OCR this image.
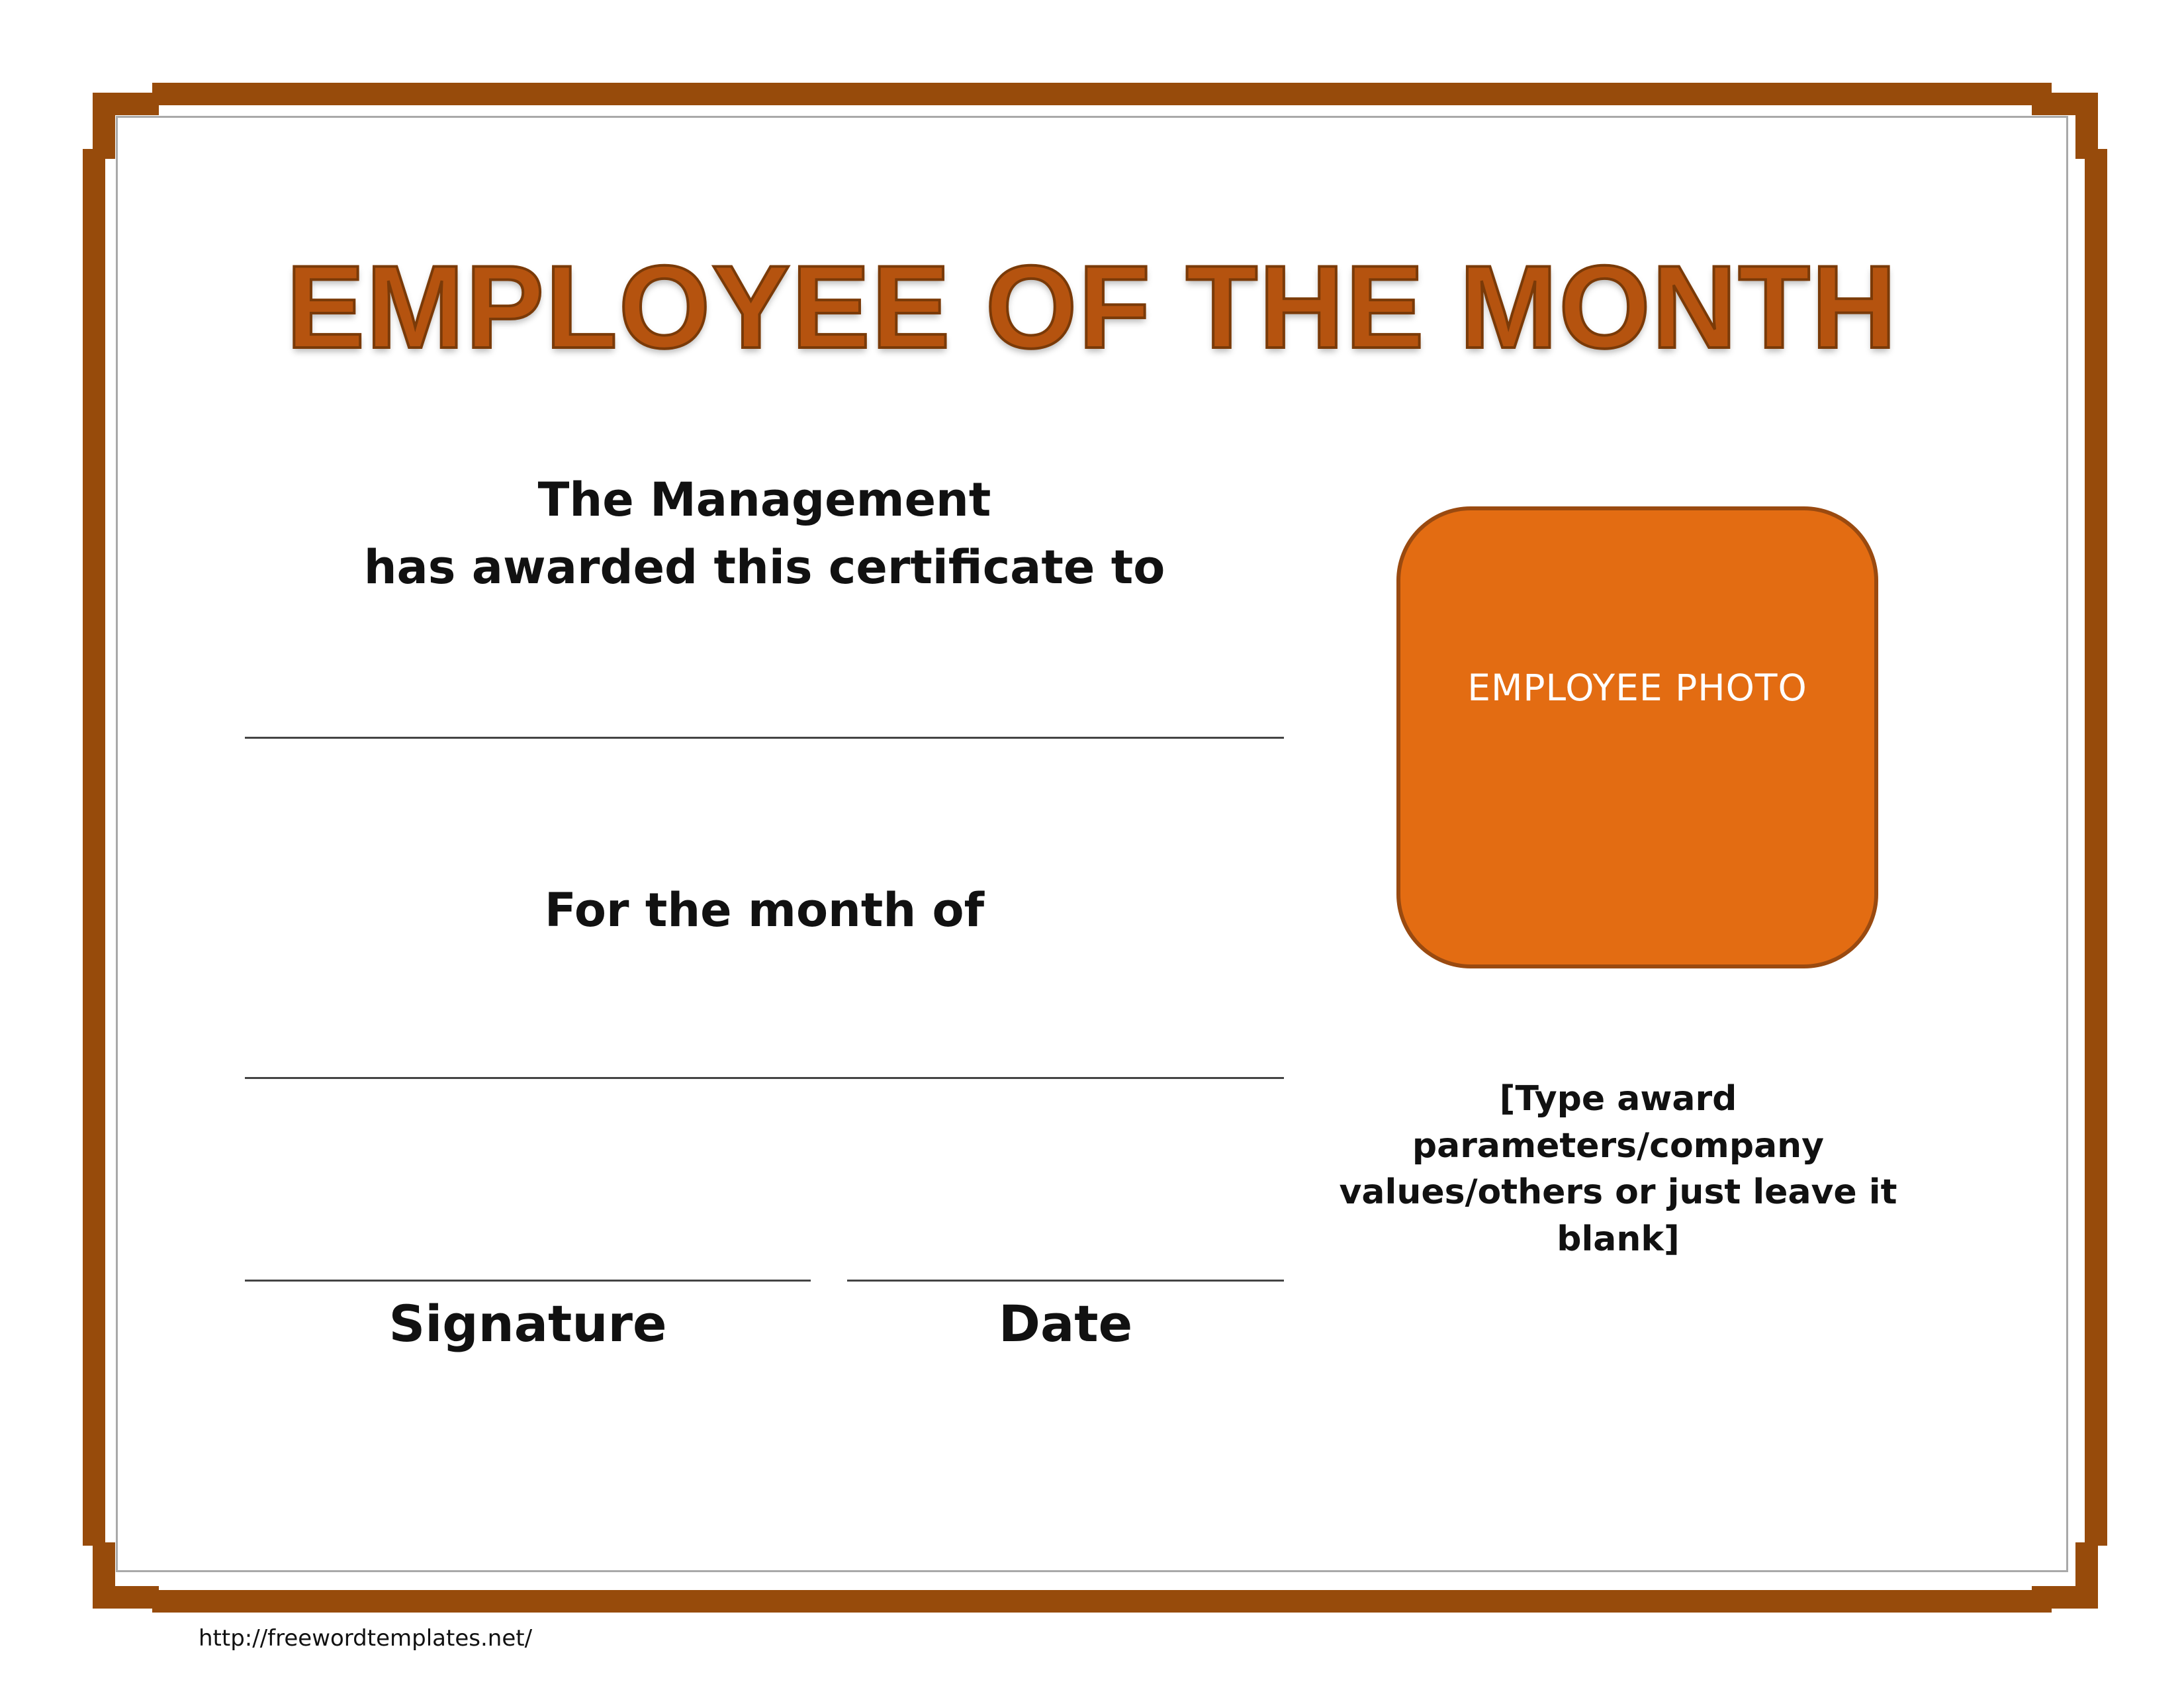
EMPLOYEE OF THE MONTH
The Management
has awarded this certificate to
For the month of
Signature	Date
EMPLOYEE PHOTO
[Type award parameters/company
values/others or just leave it blank]
http://freewordtemplates.net/
